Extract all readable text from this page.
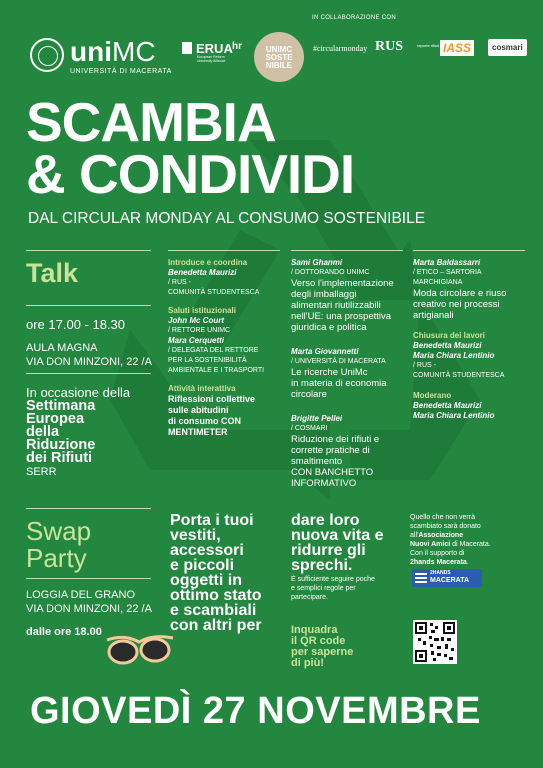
uniMC
UNIVERSITÀ DI MACERATA
IN COLLABORAZIONE CON
ERUA
European Reform University Alliance
hr	UNIMC SOSTE NIBILE
#circularmonday RUS	reporte rifiuti IASS	cosmari
SCAMBIA
& CONDIVIDI
DAL CIRCULAR MONDAY AL CONSUMO SOSTENIBILE
Talk
ore 17.00 - 18.30
AULA MAGNA
VIA DON MINZONI, 22 /A
In occasione della
Settimana
Europea
della
Riduzione
dei Rifiuti
SERR
Introduce e coordina
Benedetta Maurizi
/ RUS -
COMUNITÀ STUDENTESCA
Saluti istituzionali
John Mc Court
/ RETTORE UNIMC
Mara Cerquetti
/ DELEGATA DEL RETTORE
PER LA SOSTENIBILITÀ
AMBIENTALE E I TRASPORTI
Attività interattiva
Riflessioni collettive
sulle abitudini
di consumo CON
MENTIMETER
Sami Ghanmi
/ DOTTORANDO UNIMC
Verso l'implementazione
degli imballaggi
alimentari riutilizzabili
nell'UE: una prospettiva
giuridica e politica
Marta Giovannetti
/ UNIVERSITÀ DI MACERATA
Le ricerche UniMc
in materia di economia
circolare
Brigitte Pellei
/ COSMARI
Riduzione dei rifiuti e
corrette pratiche di
smaltimento
CON BANCHETTO
INFORMATIVO
Marta Baldassarri
/ ETICO – SARTORIA
MARCHIGIANA
Moda circolare e riuso
creativo nei processi
artigianali
Chiusura dei lavori
Benedetta Maurizi
Maria Chiara Lentinio
/ RUS -
COMUNITÀ STUDENTESCA
Moderano
Benedetta Maurizi
Maria Chiara Lentinio
Swap
Party
LOGGIA DEL GRANO
VIA DON MINZONI, 22 /A
dalle ore 18.00
Porta i tuoi
vestiti,
accessori
e piccoli
oggetti in
ottimo stato
e scambiali
con altri per
dare loro
nuova vita e
ridurre gli
sprechi.
È sufficiente seguire poche
e semplici regole per
partecipare.
Inquadra
il QR code
per saperne
di più!
Quello che non verrà
scambiato sarà donato
all'Associazione
Nuovi Amici di Macerata.
Con il supporto di
2hands Macerata.
2HANDS
MACERATA
GIOVEDÌ 27 NOVEMBRE
